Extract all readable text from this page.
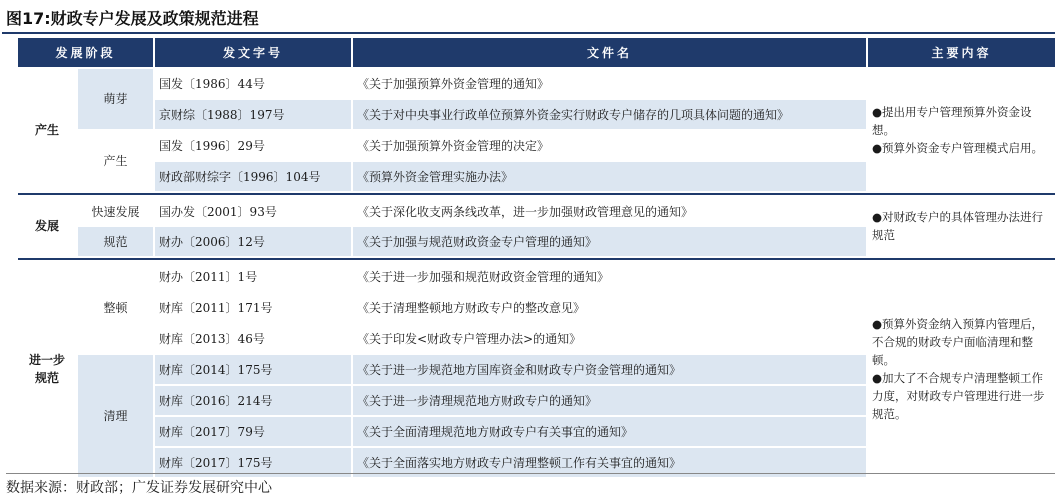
图17:财政专户发展及政策规范进程
发展阶段		发文字号	文件名	主要内容
产生	萌芽	国发〔1986〕44号	《关于加强预算外资金管理的通知》	●提出用专户管理预算外资金设想。
●预算外资金专户管理模式启用。
		京财综〔1988〕197号	《关于对中央事业行政单位预算外资金实行财政专户储存的几项具体问题的通知》	
	产生	国发〔1996〕29号	《关于加强预算外资金管理的决定》	
		财政部财综字〔1996〕104号	《预算外资金管理实施办法》	

发展	快速发展	国办发〔2001〕93号	《关于深化收支两条线改革，进一步加强财政管理意见的通知》	●对财政专户的具体管理办法进行规范
	规范	财办〔2006〕12号	《关于加强与规范财政资金专户管理的通知》	

进一步
规范	整顿	财办〔2011〕1号	《关于进一步加强和规范财政资金管理的通知》	●预算外资金纳入预算内管理后，不合规的财政专户面临清理和整顿。
●加大了不合规专户清理整顿工作力度，对财政专户管理进行进一步规范。
		财库〔2011〕171号	《关于清理整顿地方财政专户的整改意见》	
		财库〔2013〕46号	《关于印发<财政专户管理办法>的通知》	
	清理	财库〔2014〕175号	《关于进一步规范地方国库资金和财政专户资金管理的通知》	
		财库〔2016〕214号	《关于进一步清理规范地方财政专户的通知》	
		财库〔2017〕79号	《关于全面清理规范地方财政专户有关事宜的通知》	
		财库〔2017〕175号	《关于全面落实地方财政专户清理整顿工作有关事宜的通知》	
数据来源：财政部；广发证券发展研究中心
